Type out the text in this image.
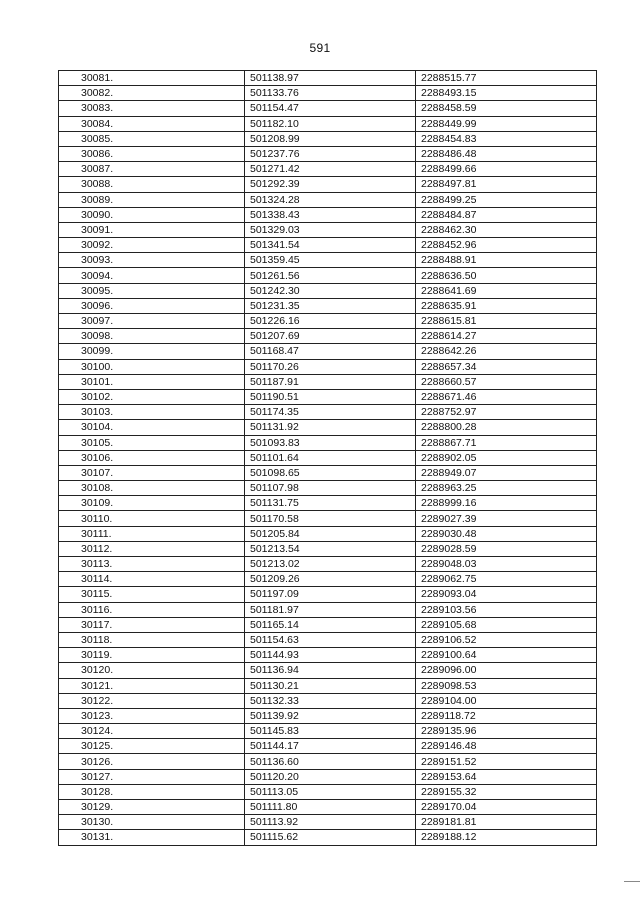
591
30081.	501138.97	2288515.77
30082.	501133.76	2288493.15
30083.	501154.47	2288458.59
30084.	501182.10	2288449.99
30085.	501208.99	2288454.83
30086.	501237.76	2288486.48
30087.	501271.42	2288499.66
30088.	501292.39	2288497.81
30089.	501324.28	2288499.25
30090.	501338.43	2288484.87
30091.	501329.03	2288462.30
30092.	501341.54	2288452.96
30093.	501359.45	2288488.91
30094.	501261.56	2288636.50
30095.	501242.30	2288641.69
30096.	501231.35	2288635.91
30097.	501226.16	2288615.81
30098.	501207.69	2288614.27
30099.	501168.47	2288642.26
30100.	501170.26	2288657.34
30101.	501187.91	2288660.57
30102.	501190.51	2288671.46
30103.	501174.35	2288752.97
30104.	501131.92	2288800.28
30105.	501093.83	2288867.71
30106.	501101.64	2288902.05
30107.	501098.65	2288949.07
30108.	501107.98	2288963.25
30109.	501131.75	2288999.16
30110.	501170.58	2289027.39
30111.	501205.84	2289030.48
30112.	501213.54	2289028.59
30113.	501213.02	2289048.03
30114.	501209.26	2289062.75
30115.	501197.09	2289093.04
30116.	501181.97	2289103.56
30117.	501165.14	2289105.68
30118.	501154.63	2289106.52
30119.	501144.93	2289100.64
30120.	501136.94	2289096.00
30121.	501130.21	2289098.53
30122.	501132.33	2289104.00
30123.	501139.92	2289118.72
30124.	501145.83	2289135.96
30125.	501144.17	2289146.48
30126.	501136.60	2289151.52
30127.	501120.20	2289153.64
30128.	501113.05	2289155.32
30129.	501111.80	2289170.04
30130.	501113.92	2289181.81
30131.	501115.62	2289188.12
